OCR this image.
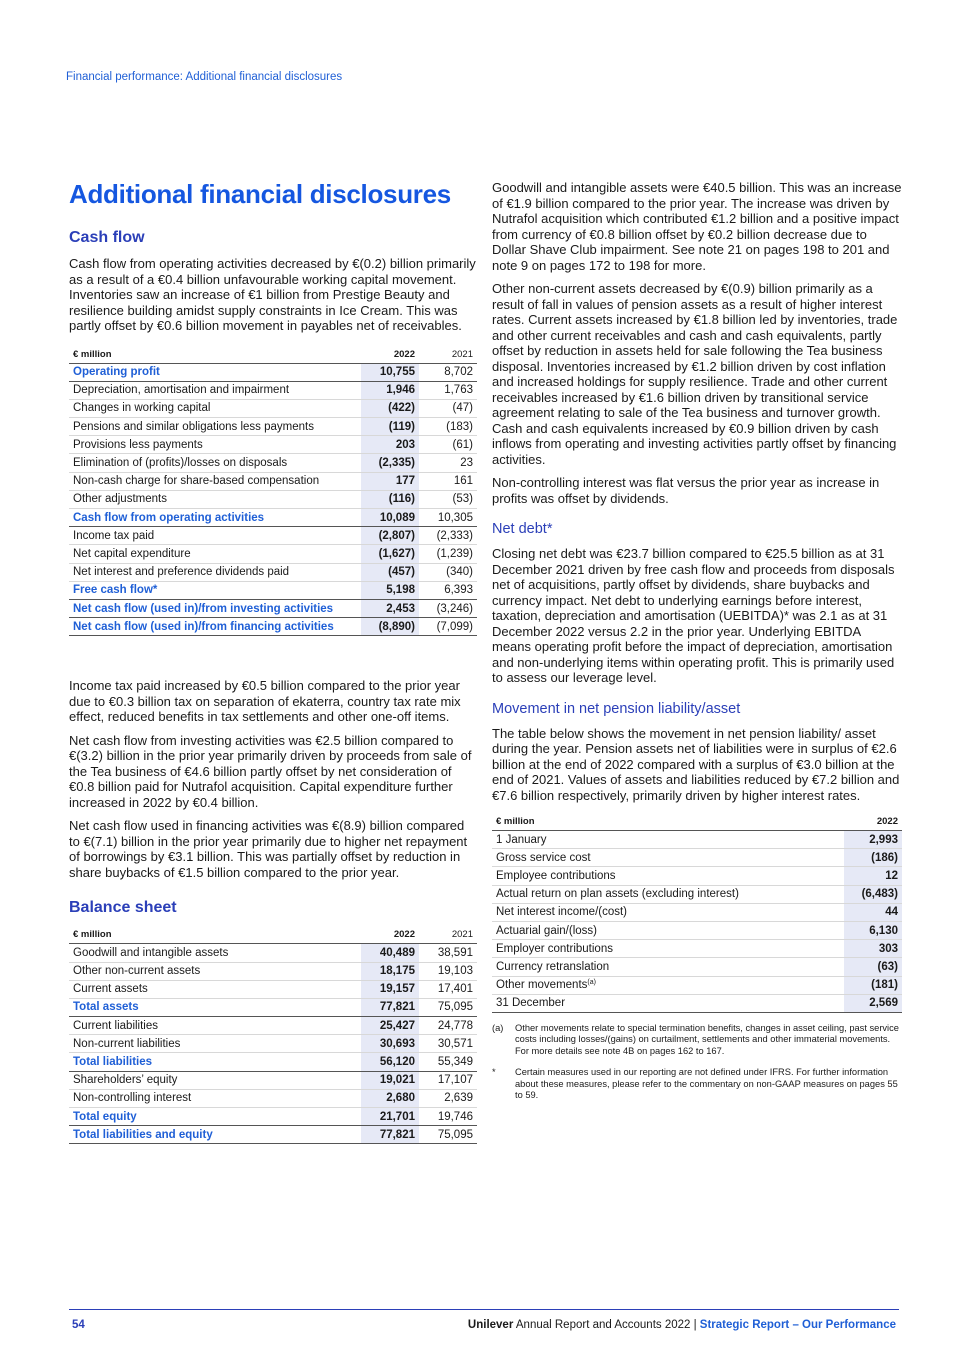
Financial performance: Additional financial disclosures
Additional financial disclosures
Cash flow

Cash flow from operating activities decreased by €(0.2) billion primarily as a result of a €0.4 billion unfavourable working capital movement. Inventories saw an increase of €1 billion from Prestige Beauty and resilience building amidst supply constraints in Ice Cream. This was partly offset by €0.6 billion movement in payables net of receivables.

€ million	2022	2021
Operating profit	10,755	8,702
Depreciation, amortisation and impairment	1,946	1,763
Changes in working capital	(422)	(47)
Pensions and similar obligations less payments	(119)	(183)
Provisions less payments	203	(61)
Elimination of (profits)/losses on disposals	(2,335)	23
Non-cash charge for share-based compensation	177	161
Other adjustments	(116)	(53)
Cash flow from operating activities	10,089	10,305
Income tax paid	(2,807)	(2,333)
Net capital expenditure	(1,627)	(1,239)
Net interest and preference dividends paid	(457)	(340)
Free cash flow*	5,198	6,393
Net cash flow (used in)/from investing activities	2,453	(3,246)
Net cash flow (used in)/from financing activities	(8,890)	(7,099)

Income tax paid increased by €0.5 billion compared to the prior year due to €0.3 billion tax on separation of ekaterra, country tax rate mix effect, reduced benefits in tax settlements and other one-off items.

Net cash flow from investing activities was €2.5 billion compared to €(3.2) billion in the prior year primarily driven by proceeds from sale of the Tea business of €4.6 billion partly offset by net consideration of €0.8 billion paid for Nutrafol acquisition. Capital expenditure further increased in 2022 by €0.4 billion.

Net cash flow used in financing activities was €(8.9) billion compared to €(7.1) billion in the prior year primarily due to higher net repayment of borrowings by €3.1 billion. This was partially offset by reduction in share buybacks of €1.5 billion compared to the prior year.

Balance sheet
€ million	2022	2021
Goodwill and intangible assets	40,489	38,591
Other non-current assets	18,175	19,103
Current assets	19,157	17,401
Total assets	77,821	75,095
Current liabilities	25,427	24,778
Non-current liabilities	30,693	30,571
Total liabilities	56,120	55,349
Shareholders’ equity	19,021	17,107
Non-controlling interest	2,680	2,639
Total equity	21,701	19,746
Total liabilities and equity	77,821	75,095

Goodwill and intangible assets were €40.5 billion. This was an increase of €1.9 billion compared to the prior year. The increase was driven by Nutrafol acquisition which contributed €1.2 billion and a positive impact from currency of €0.8 billion offset by €0.2 billion decrease due to Dollar Shave Club impairment. See note 21 on pages 198 to 201 and note 9 on pages 172 to 198 for more.

Other non-current assets decreased by €(0.9) billion primarily as a result of fall in values of pension assets as a result of higher interest rates. Current assets increased by €1.8 billion led by inventories, trade and other current receivables and cash and cash equivalents, partly offset by reduction in assets held for sale following the Tea business disposal. Inventories increased by €1.2 billion driven by cost inflation and increased holdings for supply resilience. Trade and other current receivables increased by €1.6 billion driven by transitional service agreement relating to sale of the Tea business and turnover growth. Cash and cash equivalents increased by €0.9 billion driven by cash inflows from operating and investing activities partly offset by financing activities.

Non-controlling interest was flat versus the prior year as increase in profits was offset by dividends.

Net debt*

Closing net debt was €23.7 billion compared to €25.5 billion as at 31 December 2021 driven by free cash flow and proceeds from disposals net of acquisitions, partly offset by dividends, share buybacks and currency impact. Net debt to underlying earnings before interest, taxation, depreciation and amortisation (UEBITDA)* was 2.1 as at 31 December 2022 versus 2.2 in the prior year. Underlying EBITDA means operating profit before the impact of depreciation, amortisation and non-underlying items within operating profit. This is primarily used to assess our leverage level.

Movement in net pension liability/asset

The table below shows the movement in net pension liability/ asset during the year. Pension assets net of liabilities were in surplus of €2.6 billion at the end of 2022 compared with a surplus of €3.0 billion at the end of 2021. Values of assets and liabilities reduced by €7.2 billion and €7.6 billion respectively, primarily driven by higher interest rates.

€ million	2022
1 January	2,993
Gross service cost	(186)
Employee contributions	12
Actual return on plan assets (excluding interest)	(6,483)
Net interest income/(cost)	44
Actuarial gain/(loss)	6,130
Employer contributions	303
Currency retranslation	(63)
Other movements$^{(a)}$	(181)
31 December	2,569
(a)	Other movements relate to special termination benefits, changes in asset ceiling, past service costs including losses/(gains) on curtailment, settlements and other immaterial movements. For more details see note 4B on pages 162 to 167.
*	Certain measures used in our reporting are not defined under IFRS. For further information about these measures, please refer to the commentary on non-GAAP measures on pages 55 to 59.
54	Unilever Annual Report and Accounts 2022 | Strategic Report – Our Performance
